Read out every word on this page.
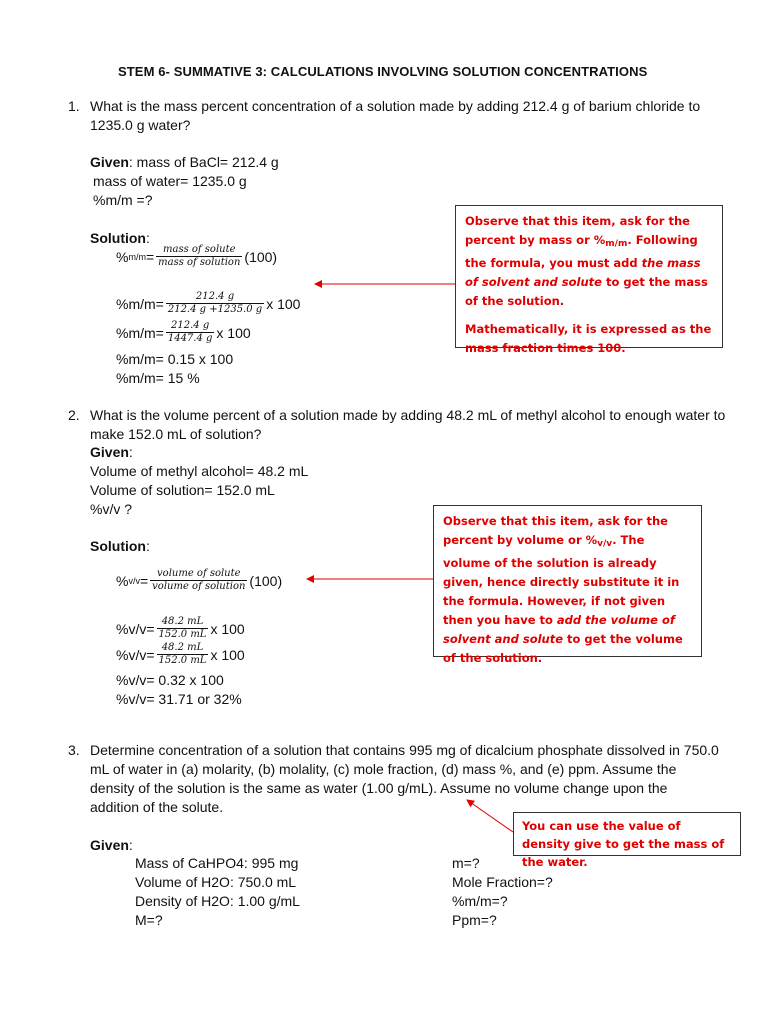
STEM 6- SUMMATIVE 3: CALCULATIONS INVOLVING SOLUTION CONCENTRATIONS
1. What is the mass percent concentration of a solution made by adding 212.4 g of barium chloride to 1235.0 g water?
Given: mass of BaCl= 212.4 g
mass of water= 1235.0 g
%m/m =?
Solution:
% $m/m = \frac{\text{mass of solute}}{\text{mass of solution}} (100)$
$\%m/m= \frac{212.4 g}{212.4 g +1235.0 g}$ x 100
$\%m/m= \frac{212.4 g}{1447.4 g}$ x 100
%m/m= 0.15 x 100
%m/m= 15 %

Observe that this item, ask for the percent by mass or $\%_{m/m}$. Following the formula, you must add the mass of solvent and solute to get the mass of the solution.

Mathematically, it is expressed as the mass fraction times 100.

2. What is the volume percent of a solution made by adding 48.2 mL of methyl alcohol to enough water to make 152.0 mL of solution?
Given:
Volume of methyl alcohol= 48.2 mL
Volume of solution= 152.0 mL
%v/v ?
Solution:
% $v/v = \frac{\text{volume of solute}}{\text{volume of solution}} (100)$
$\%v/v= \frac{48.2 mL}{152.0 mL}$ x 100
$\%v/v= \frac{48.2 mL}{152.0 mL}$ x 100
%v/v= 0.32 x 100
%v/v= 31.71 or 32%

Observe that this item, ask for the percent by volume or $\%_{v/v}$. The volume of the solution is already given, hence directly substitute it in the formula. However, if not given then you have to add the volume of solvent and solute to get the volume of the solution.

3. Determine concentration of a solution that contains 995 mg of dicalcium phosphate dissolved in 750.0 mL of water in (a) molarity, (b) molality, (c) mole fraction, (d) mass %, and (e) ppm. Assume the density of the solution is the same as water (1.00 g/mL). Assume no volume change upon the addition of the solute.
Given:
Mass of CaHPO4: 995 mg
Volume of H2O: 750.0 mL
Density of H2O: 1.00 g/mL
M=?
m=?
Mole Fraction=?
%m/m=?
Ppm=?
You can use the value of density give to get the mass of the water.
